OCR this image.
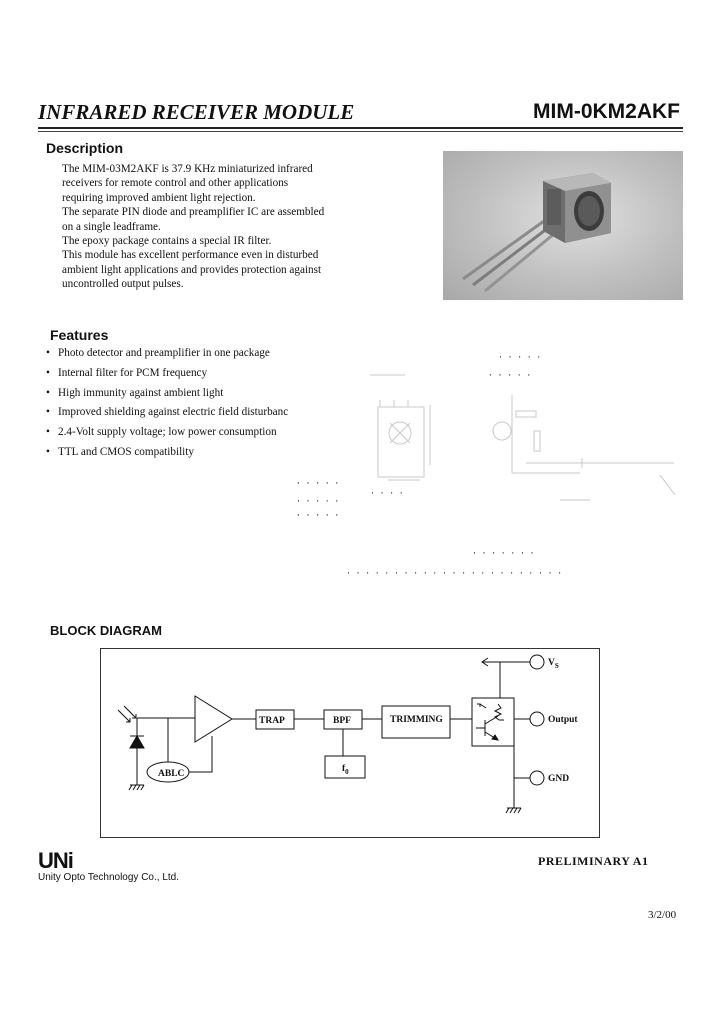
INFRARED RECEIVER MODULE	MIM-0KM2AKF
Description
The MIM-03M2AKF is 37.9 KHz miniaturized infrared
receivers for remote control and other applications
requiring improved ambient light rejection.
The separate PIN diode and preamplifier IC are assembled
on a single leadframe.
The epoxy package contains a special IR filter.
This module has excellent performance even in disturbed
ambient light applications and provides protection against
uncontrolled output pulses.
Features
• Photo detector and preamplifier in one package
• Internal filter for PCM frequency
• High immunity against ambient light
• Improved shielding against electric field disturbanc
• 2.4-Volt supply voltage; low power consumption
• TTL and CMOS compatibility
· · · · ·
· · · · ·
· · · ·
· · · · ·
· · · · ·
· · · · ·
· · · · · · ·
· · · · · · · · · · · · · · · · · · · · · · ·
BLOCK DIAGRAM
ABLC
TRAP	BPF
$f_0$
TRIMMING
$V_S$
Output
GND
UNi
Unity Opto Technology Co., Ltd.
PRELIMINARY A1
3/2/00
